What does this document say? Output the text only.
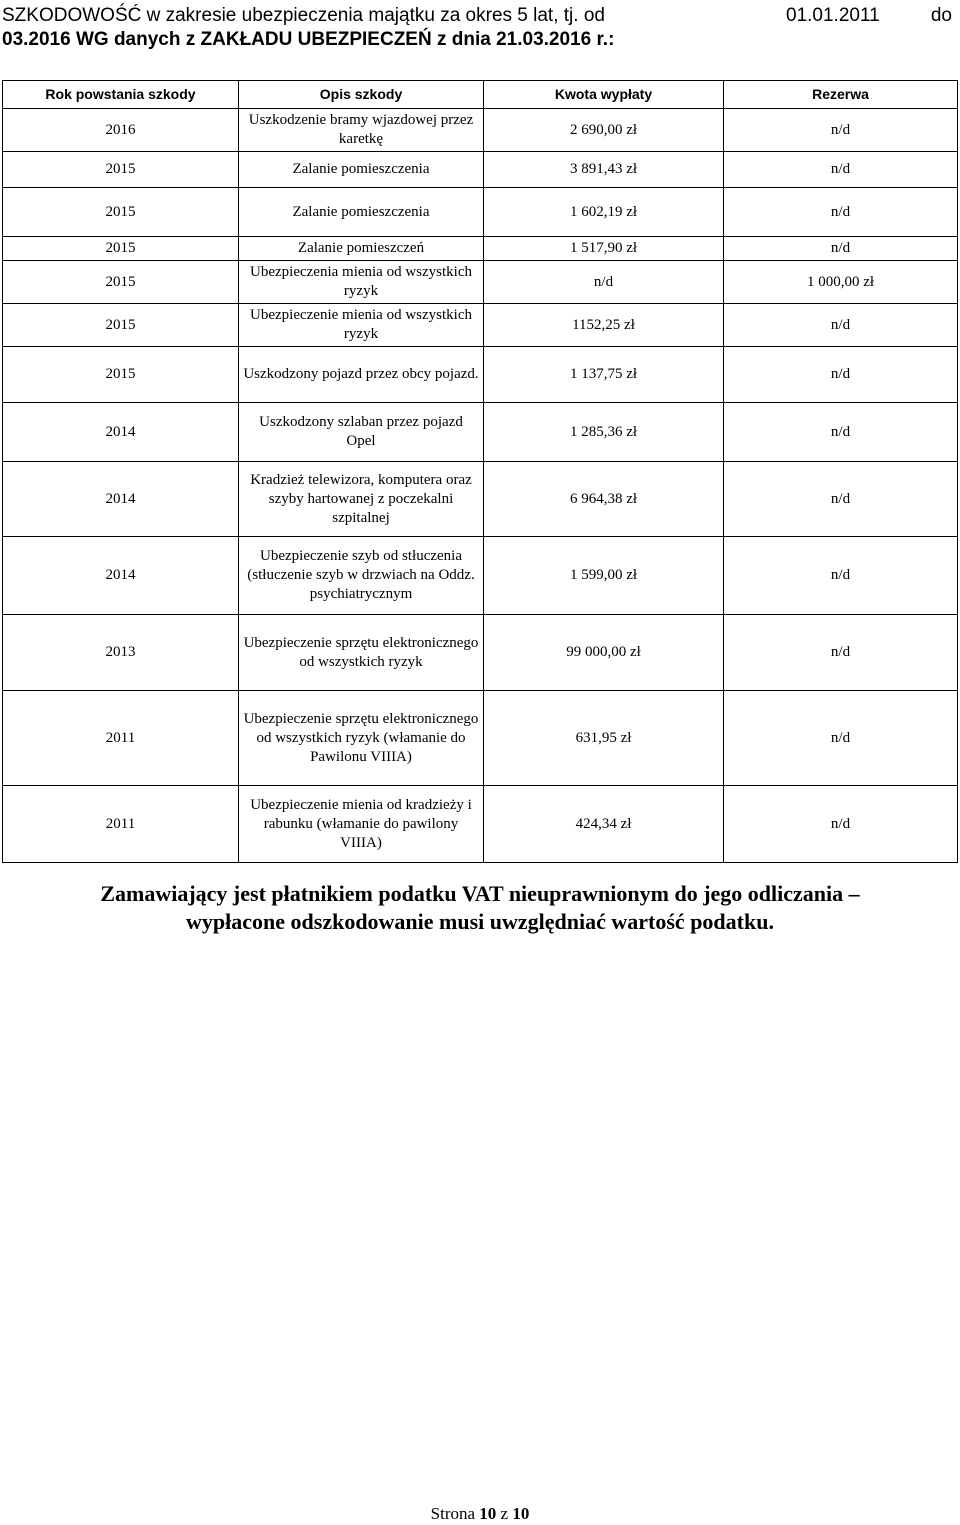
SZKODOWOŚĆ w zakresie ubezpieczenia majątku za okres 5 lat, tj. od	01.01.2011	do
03.2016 WG danych z ZAKŁADU UBEZPIECZEŃ z dnia 21.03.2016 r.:
Rok powstania szkody	Opis szkody	Kwota wypłaty	Rezerwa
2016	Uszkodzenie bramy wjazdowej przez karetkę	2 690,00 zł	n/d
2015	Zalanie pomieszczenia	3 891,43 zł	n/d
2015	Zalanie pomieszczenia	1 602,19 zł	n/d
2015	Zalanie pomieszczeń	1 517,90 zł	n/d
2015	Ubezpieczenia mienia od wszystkich ryzyk	n/d	1 000,00 zł
2015	Ubezpieczenie mienia od wszystkich ryzyk	1152,25 zł	n/d
2015	Uszkodzony pojazd przez obcy pojazd.	1 137,75 zł	n/d
2014	Uszkodzony szlaban przez pojazd Opel	1 285,36 zł	n/d
2014	Kradzież telewizora, komputera oraz szyby hartowanej z poczekalni szpitalnej	6 964,38 zł	n/d
2014	Ubezpieczenie szyb od stłuczenia (stłuczenie szyb w drzwiach na Oddz. psychiatrycznym	1 599,00 zł	n/d
2013	Ubezpieczenie sprzętu elektronicznego od wszystkich ryzyk	99 000,00 zł	n/d
2011	Ubezpieczenie sprzętu elektronicznego od wszystkich ryzyk (włamanie do Pawilonu VIIIA)	631,95 zł	n/d
2011	Ubezpieczenie mienia od kradzieży i rabunku (włamanie do pawilony VIIIA)	424,34 zł	n/d
Zamawiający jest płatnikiem podatku VAT nieuprawnionym do jego odliczania –
wypłacone odszkodowanie musi uwzględniać wartość podatku.
Strona 10 z 10
